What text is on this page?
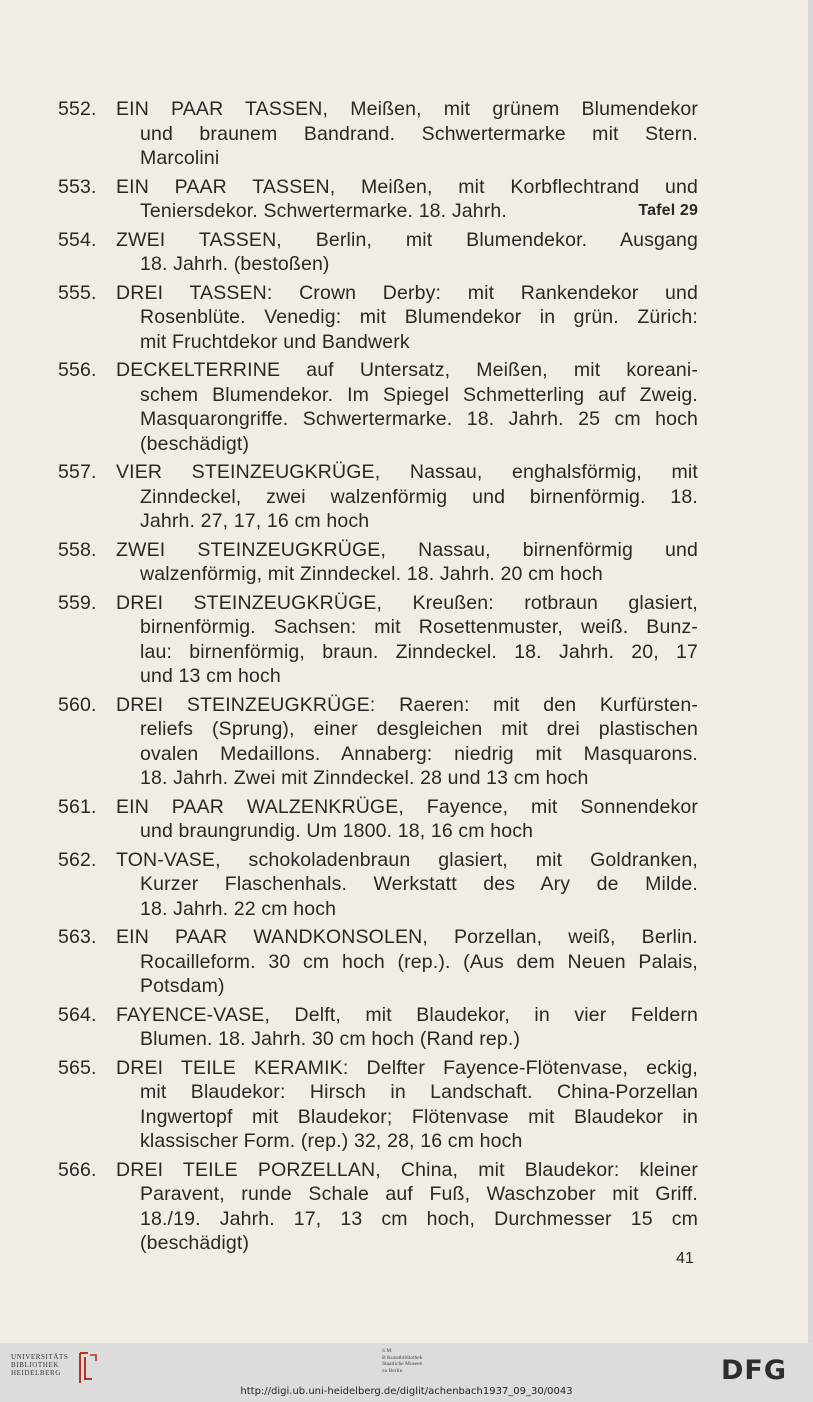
552. EIN PAAR TASSEN, Meißen, mit grünem Blumendekor
und braunem Bandrand. Schwertermarke mit Stern.
Marcolini
553. EIN PAAR TASSEN, Meißen, mit Korbflechtrand und
Teniersdekor. Schwertermarke. 18. Jahrh.	Tafel 29
554. ZWEI TASSEN, Berlin, mit Blumendekor. Ausgang
18. Jahrh. (bestoßen)
555. DREI TASSEN: Crown Derby: mit Rankendekor und
Rosenblüte. Venedig: mit Blumendekor in grün. Zürich:
mit Fruchtdekor und Bandwerk
556. DECKELTERRINE auf Untersatz, Meißen, mit koreani-
schem Blumendekor. Im Spiegel Schmetterling auf Zweig.
Masquarongriffe. Schwertermarke. 18. Jahrh. 25 cm hoch
(beschädigt)
557. VIER STEINZEUGKRÜGE, Nassau, enghalsförmig, mit
Zinndeckel, zwei walzenförmig und birnenförmig. 18.
Jahrh. 27, 17, 16 cm hoch
558. ZWEI STEINZEUGKRÜGE, Nassau, birnenförmig und
walzenförmig, mit Zinndeckel. 18. Jahrh. 20 cm hoch
559. DREI STEINZEUGKRÜGE, Kreußen: rotbraun glasiert,
birnenförmig. Sachsen: mit Rosettenmuster, weiß. Bunz-
lau: birnenförmig, braun. Zinndeckel. 18. Jahrh. 20, 17
und 13 cm hoch
560. DREI STEINZEUGKRÜGE: Raeren: mit den Kurfürsten-
reliefs (Sprung), einer desgleichen mit drei plastischen
ovalen Medaillons. Annaberg: niedrig mit Masquarons.
18. Jahrh. Zwei mit Zinndeckel. 28 und 13 cm hoch
561. EIN PAAR WALZENKRÜGE, Fayence, mit Sonnendekor
und braungrundig. Um 1800. 18, 16 cm hoch
562. TON-VASE, schokoladenbraun glasiert, mit Goldranken,
Kurzer Flaschenhals. Werkstatt des Ary de Milde.
18. Jahrh. 22 cm hoch
563. EIN PAAR WANDKONSOLEN, Porzellan, weiß, Berlin.
Rocailleform. 30 cm hoch (rep.). (Aus dem Neuen Palais,
Potsdam)
564. FAYENCE-VASE, Delft, mit Blaudekor, in vier Feldern
Blumen. 18. Jahrh. 30 cm hoch (Rand rep.)
565. DREI TEILE KERAMIK: Delfter Fayence-Flötenvase, eckig,
mit Blaudekor: Hirsch in Landschaft. China-Porzellan
Ingwertopf mit Blaudekor; Flötenvase mit Blaudekor in
klassischer Form. (rep.) 32, 28, 16 cm hoch
566. DREI TEILE PORZELLAN, China, mit Blaudekor: kleiner
Paravent, runde Schale auf Fuß, Waschzober mit Griff.
18./19. Jahrh. 17, 13 cm hoch, Durchmesser 15 cm
(beschädigt)
41
UNIVERSITÄTS
BIBLIOTHEK
HEIDELBERG
S M
B Kunstbibliothek
Staatliche Museen
zu Berlin	DFG
http://digi.ub.uni-heidelberg.de/diglit/achenbach1937_09_30/0043
